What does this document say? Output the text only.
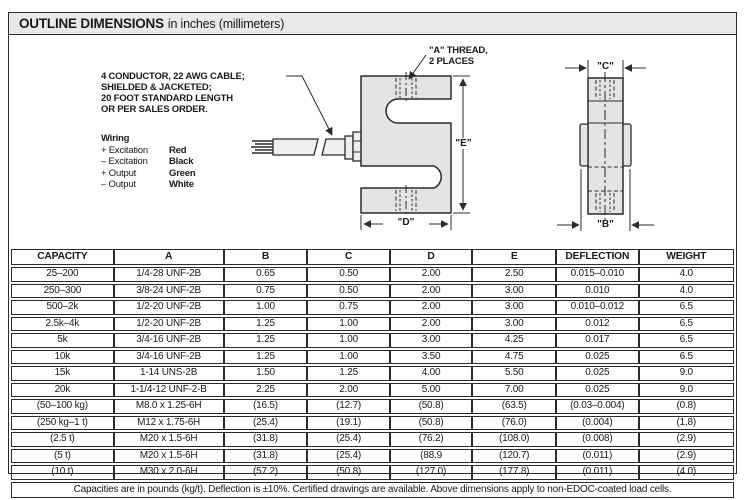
OUTLINE DIMENSIONS in inches (millimeters)
4 CONDUCTOR, 22 AWG CABLE;
SHIELDED & JACKETED;
20 FOOT STANDARD LENGTH
OR PER SALES ORDER.
Wiring
+ Excitation	Red
– Excitation	Black
+ Output	Green
– Output	White
"A" THREAD,
2 PLACES
"E"
"D"
"C"
"B"
CAPACITY	A	B	C	D	E	DEFLECTION	WEIGHT
25–200	1/4-28 UNF-2B	0.65	0.50	2.00	2.50	0.015–0.010	4.0
250–300	3/8-24 UNF-2B	0.75	0.50	2.00	3.00	0.010	4.0
500–2k	1/2-20 UNF-2B	1.00	0.75	2.00	3.00	0.010–0.012	6.5
2.5k–4k	1/2-20 UNF-2B	1.25	1.00	2.00	3.00	0.012	6.5
5k	3/4-16 UNF-2B	1.25	1.00	3.00	4.25	0.017	6.5
10k	3/4-16 UNF-2B	1.25	1.00	3.50	4.75	0.025	6.5
15k	1-14 UNS-2B	1.50	1.25	4.00	5.50	0.025	9.0
20k	1-1/4-12 UNF-2-B	2.25	2.00	5.00	7.00	0.025	9.0
(50–100 kg)	M8.0 x 1.25-6H	(16.5)	(12.7)	(50.8)	(63.5)	(0.03–0.004)	(0.8)
(250 kg–1 t)	M12 x 1.75-6H	(25.4)	(19.1)	(50.8)	(76.0)	(0.004)	(1.8)
(2.5 t)	M20 x 1.5-6H	(31.8)	(25.4)	(76.2)	(108.0)	(0.008)	(2.9)
(5 t)	M20 x 1.5-6H	(31.8)	(25.4)	(88.9	(120.7)	(0.011)	(2.9)
(10 t)	M30 x 2.0-6H	(57.2)	(50.8)	(127.0)	(177.8)	(0.011)	(4.0)
Capacities are in pounds (kg/t). Deflection is ±10%. Certified drawings are available. Above dimensions apply to non-EDOC-coated load cells.							
